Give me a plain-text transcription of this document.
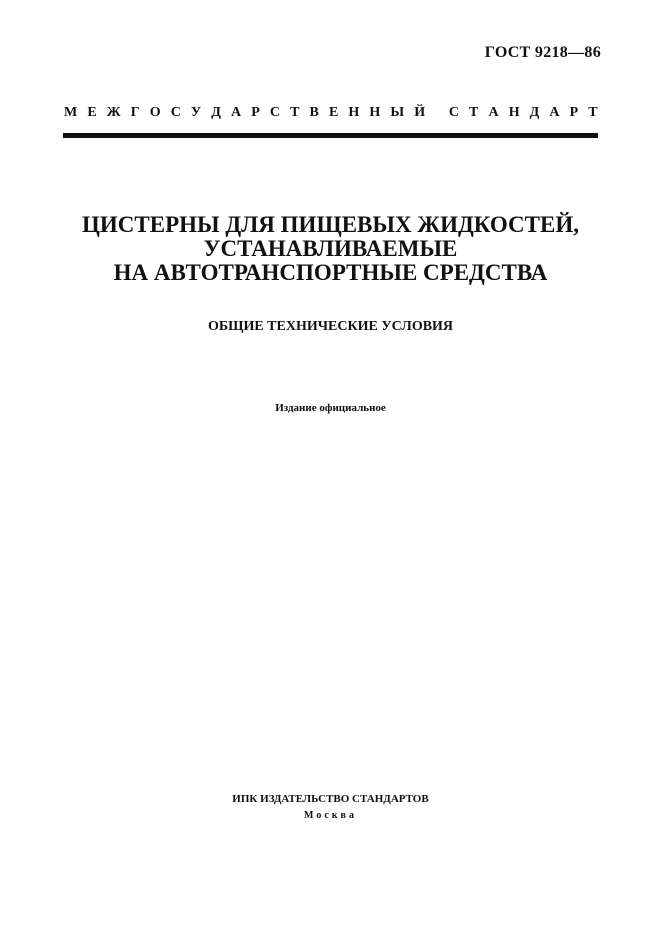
ГОСТ 9218—86
М Е Ж Г О С У Д А Р С Т В Е Н Н Ы Й
С Т А Н Д А Р Т
ЦИСТЕРНЫ ДЛЯ ПИЩЕВЫХ ЖИДКОСТЕЙ,
УСТАНАВЛИВАЕМЫЕ
НА АВТОТРАНСПОРТНЫЕ СРЕДСТВА
ОБЩИЕ ТЕХНИЧЕСКИЕ УСЛОВИЯ
Издание официальное
ИПК ИЗДАТЕЛЬСТВО СТАНДАРТОВ
Москва
